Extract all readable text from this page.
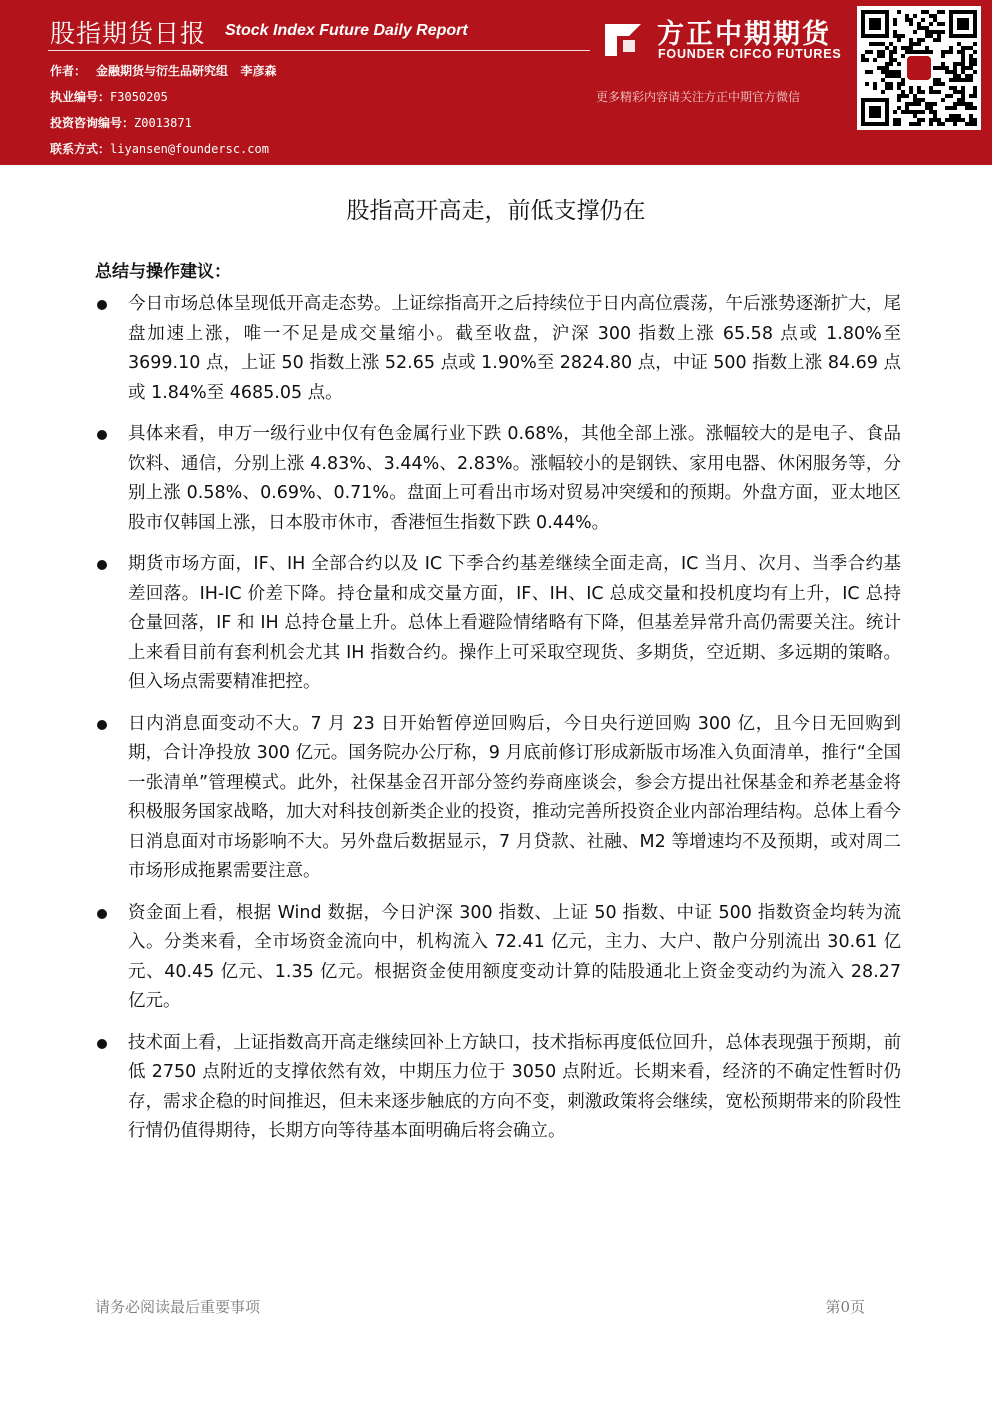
股指期货日报 Stock Index Future Daily Report
作者： 金融期货与衍生品研究组   李彦森
执业编号：F3050205
投资咨询编号：Z0013871
联系方式：liyansen@foundersc.com
方正中期期货
FOUNDER CIFCO FUTURES
更多精彩内容请关注方正中期官方微信
股指高开高走，前低支撑仍在
总结与操作建议：
今日市场总体呈现低开高走态势。上证综指高开之后持续位于日内高位震荡，午后涨势逐渐扩大，尾盘加速上涨，唯一不足是成交量缩小。截至收盘，沪深 300 指数上涨 65.58 点或 1.80%至 3699.10 点，上证 50 指数上涨 52.65 点或 1.90%至 2824.80 点，中证 500 指数上涨 84.69 点或 1.84%至 4685.05 点。
具体来看，申万一级行业中仅有色金属行业下跌 0.68%，其他全部上涨。涨幅较大的是电子、食品饮料、通信，分别上涨 4.83%、3.44%、2.83%。涨幅较小的是钢铁、家用电器、休闲服务等，分别上涨 0.58%、0.69%、0.71%。盘面上可看出市场对贸易冲突缓和的预期。外盘方面，亚太地区股市仅韩国上涨，日本股市休市，香港恒生指数下跌 0.44%。
期货市场方面，IF、IH 全部合约以及 IC 下季合约基差继续全面走高，IC 当月、次月、当季合约基差回落。IH-IC 价差下降。持仓量和成交量方面，IF、IH、IC 总成交量和投机度均有上升，IC 总持仓量回落，IF 和 IH 总持仓量上升。总体上看避险情绪略有下降，但基差异常升高仍需要关注。统计上来看目前有套利机会尤其 IH 指数合约。操作上可采取空现货、多期货，空近期、多远期的策略。但入场点需要精准把控。
日内消息面变动不大。7 月 23 日开始暂停逆回购后，今日央行逆回购 300 亿，且今日无回购到期，合计净投放 300 亿元。国务院办公厅称，9 月底前修订形成新版市场准入负面清单，推行“全国一张清单”管理模式。此外，社保基金召开部分签约券商座谈会，参会方提出社保基金和养老基金将积极服务国家战略，加大对科技创新类企业的投资，推动完善所投资企业内部治理结构。总体上看今日消息面对市场影响不大。另外盘后数据显示，7 月贷款、社融、M2 等增速均不及预期，或对周二市场形成拖累需要注意。
资金面上看，根据 Wind 数据，今日沪深 300 指数、上证 50 指数、中证 500 指数资金均转为流入。分类来看，全市场资金流向中，机构流入 72.41 亿元，主力、大户、散户分别流出 30.61 亿元、40.45 亿元、1.35 亿元。根据资金使用额度变动计算的陆股通北上资金变动约为流入 28.27 亿元。
技术面上看，上证指数高开高走继续回补上方缺口，技术指标再度低位回升，总体表现强于预期，前低 2750 点附近的支撑依然有效，中期压力位于 3050 点附近。长期来看，经济的不确定性暂时仍存，需求企稳的时间推迟，但未来逐步触底的方向不变，刺激政策将会继续，宽松预期带来的阶段性行情仍值得期待，长期方向等待基本面明确后将会确立。
请务必阅读最后重要事项	第0页
